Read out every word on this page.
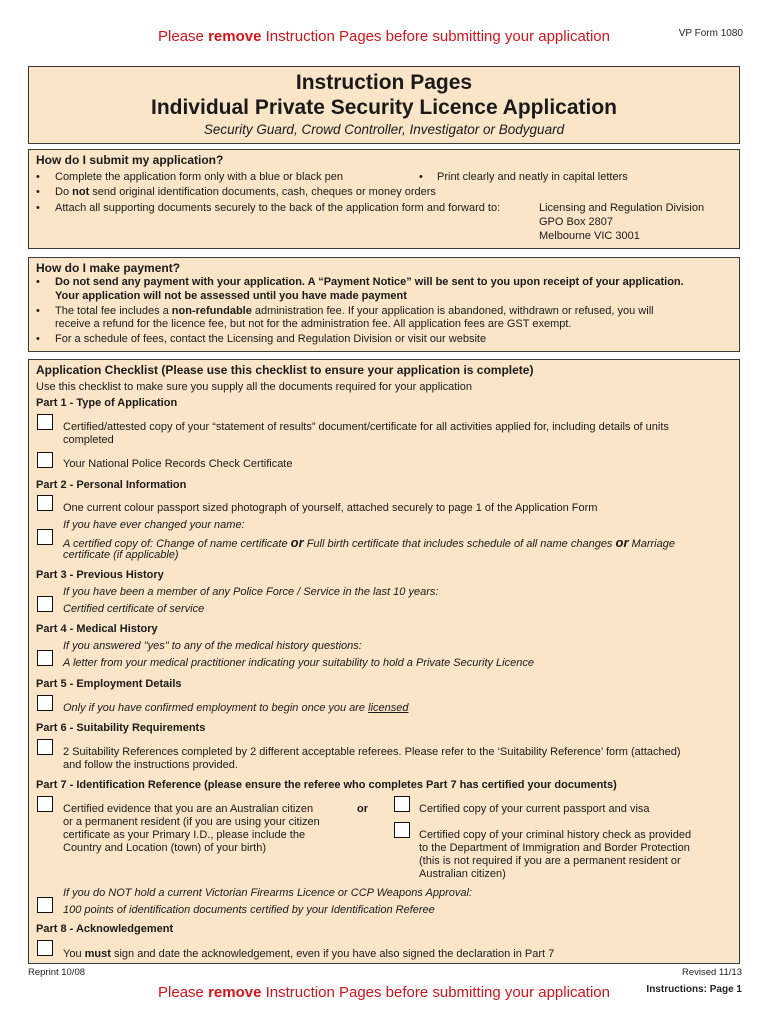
Please remove Instruction Pages before submitting your application	VP Form 1080
Instruction Pages
Individual Private Security Licence Application
Security Guard, Crowd Controller, Investigator or Bodyguard
How do I submit my application?
• Complete the application form only with a blue or black pen	• Print clearly and neatly in capital letters
• Do not send original identification documents, cash, cheques or money orders
• Attach all supporting documents securely to the back of the application form and forward to:	Licensing and Regulation Division
GPO Box 2807
Melbourne VIC 3001
How do I make payment?
• Do not send any payment with your application. A “Payment Notice” will be sent to you upon receipt of your application.
Your application will not be assessed until you have made payment
• The total fee includes a non-refundable administration fee. If your application is abandoned, withdrawn or refused, you will
receive a refund for the licence fee, but not for the administration fee. All application fees are GST exempt.
• For a schedule of fees, contact the Licensing and Regulation Division or visit our website
Application Checklist (Please use this checklist to ensure your application is complete)
Use this checklist to make sure you supply all the documents required for your application
Part 1 - Type of Application
Certified/attested copy of your “statement of results” document/certificate for all activities applied for, including details of units
completed
Your National Police Records Check Certificate
Part 2 - Personal Information
One current colour passport sized photograph of yourself, attached securely to page 1 of the Application Form
If you have ever changed your name:
A certified copy of: Change of name certificate or Full birth certificate that includes schedule of all name changes or Marriage
certificate (if applicable)
Part 3 - Previous History
If you have been a member of any Police Force / Service in the last 10 years:
Certified certificate of service
Part 4 - Medical History
If you answered "yes" to any of the medical history questions:
A letter from your medical practitioner indicating your suitability to hold a Private Security Licence
Part 5 - Employment Details
Only if you have confirmed employment to begin once you are licensed
Part 6 - Suitability Requirements
2 Suitability References completed by 2 different acceptable referees. Please refer to the ‘Suitability Reference’ form (attached)
and follow the instructions provided.
Part 7 - Identification Reference (please ensure the referee who completes Part 7 has certified your documents)
Certified evidence that you are an Australian citizen
or a permanent resident (if you are using your citizen
certificate as your Primary I.D., please include the
Country and Location (town) of your birth)
or	Certified copy of your current passport and visa
Certified copy of your criminal history check as provided
to the Department of Immigration and Border Protection
(this is not required if you are a permanent resident or
Australian citizen)
If you do NOT hold a current Victorian Firearms Licence or CCP Weapons Approval:
100 points of identification documents certified by your Identification Referee
Part 8 - Acknowledgement
You must sign and date the acknowledgement, even if you have also signed the declaration in Part 7
Reprint 10/08	Revised 11/13
Instructions: Page 1
Please remove Instruction Pages before submitting your application
